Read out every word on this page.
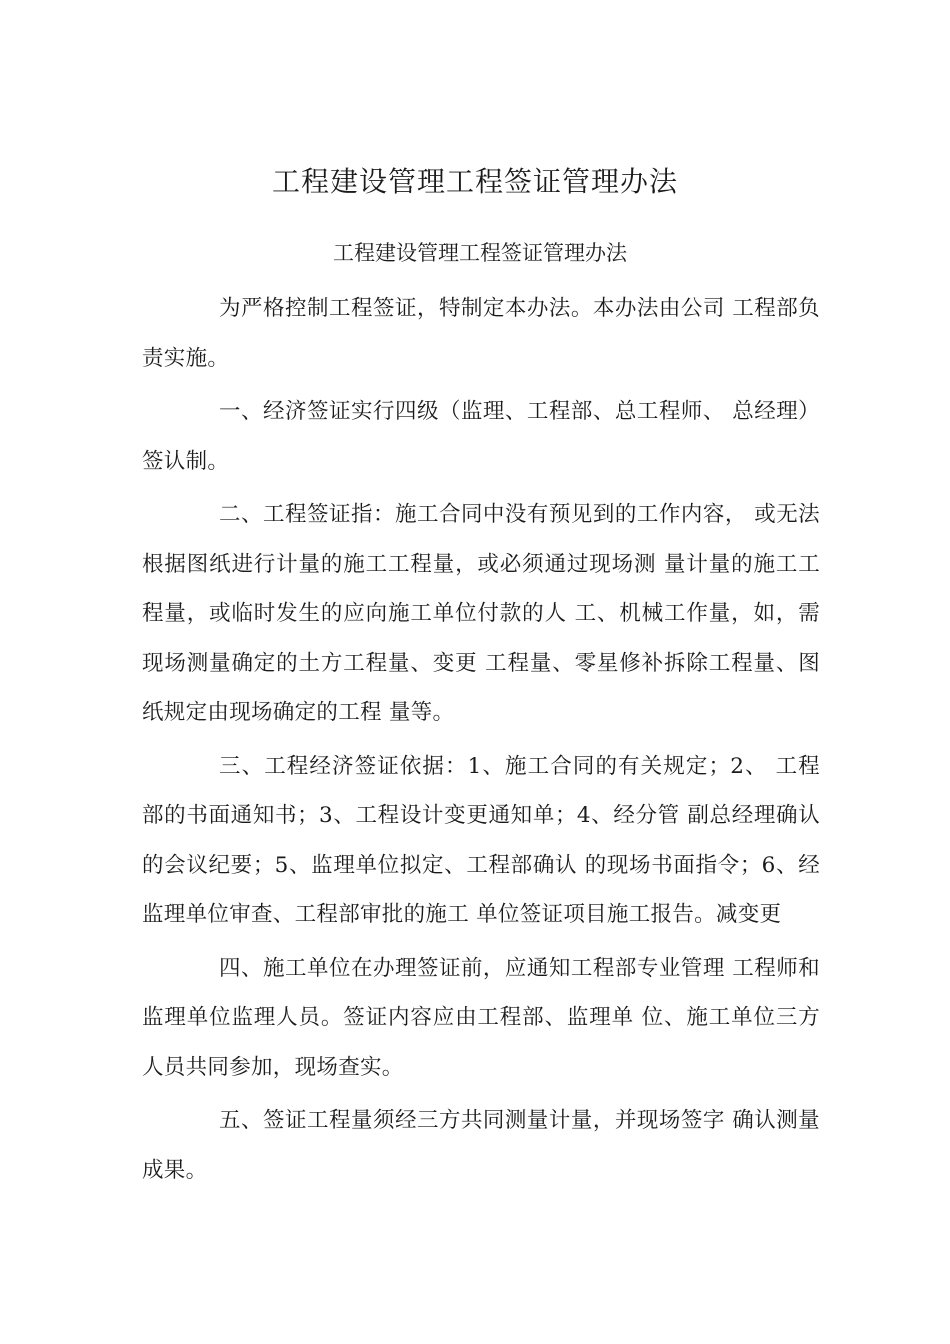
工程建设管理工程签证管理办法

工程建设管理工程签证管理办法

为严格控制工程签证，特制定本办法。本办法由公司 工程部负责实施。

一、经济签证实行四级（监理、工程部、总工程师、 总经理）签认制。

二、工程签证指：施工合同中没有预见到的工作内容， 或无法根据图纸进行计量的施工工程量，或必须通过现场测 量计量的施工工程量，或临时发生的应向施工单位付款的人 工、机械工作量，如，需现场测量确定的土方工程量、变更 工程量、零星修补拆除工程量、图纸规定由现场确定的工程 量等。

三、工程经济签证依据：1、施工合同的有关规定；2、 工程部的书面通知书；3、工程设计变更通知单；4、经分管 副总经理确认的会议纪要；5、监理单位拟定、工程部确认 的现场书面指令；6、经监理单位审查、工程部审批的施工 单位签证项目施工报告。减变更

四、施工单位在办理签证前，应通知工程部专业管理 工程师和监理单位监理人员。签证内容应由工程部、监理单 位、施工单位三方人员共同参加，现场查实。

五、签证工程量须经三方共同测量计量，并现场签字 确认测量成果。
